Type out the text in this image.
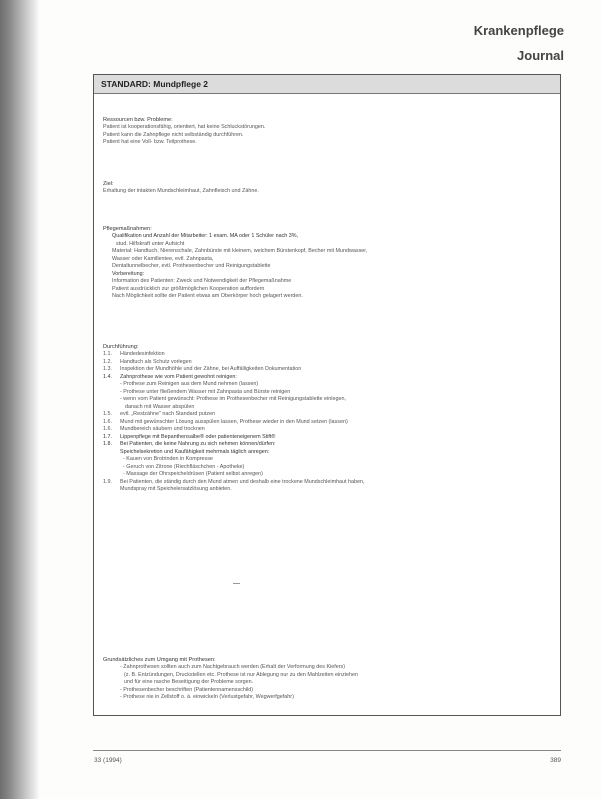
Krankenpflege
Journal
STANDARD: Mundpflege 2
Ressourcen bzw. Probleme:
Patient ist kooperationsfähig, orientiert, hat keine Schluckstörungen.
Patient kann die Zahnpflege nicht selbständig durchführen.
Patient hat eine Voll- bzw. Teilprothese.
Ziel:
Erhaltung der intakten Mundschleimhaut, Zahnfleisch und Zähne.
Pflegemaßnahmen:
Qualifikation und Anzahl der Mitarbeiter: 1 exam. MA oder 1 Schüler nach 3%,
stud. Hilfskraft unter Aufsicht
Material: Handtuch, Nierenschale, Zahnbürste mit kleinem, weichem Bürstenkopf, Becher mit Mundwasser,
Wasser oder Kamillentee, evtl. Zahnpasta,
Dentaltunnelbecher, evtl. Prothesenbecher und Reinigungstablette
Vorbereitung:
Information des Patienten: Zweck und Notwendigkeit der Pflegemaßnahme
Patient ausdrücklich zur größtmöglichen Kooperation auffordern
Nach Möglichkeit sollte der Patient etwas am Oberkörper hoch gelagert werden.
Durchführung:
1.1.	Händedesinfektion
1.2.	Handtuch als Schutz vorlegen
1.3.	Inspektion der Mundhöhle und der Zähne, bei Auffälligkeiten Dokumentation
1.4.	Zahnprothese wie vom Patient gewohnt reinigen:
- Prothese zum Reinigen aus dem Mund nehmen (lassen)
- Prothese unter fließendem Wasser mit Zahnpasta und Bürste reinigen
- wenn vom Patient gewünscht: Prothese im Prothesenbecher mit Reinigungstablette einlegen,
danach mit Wasser abspülen
1.5.	evtl. „Restzähne" nach Standard putzen
1.6.	Mund mit gewünschter Lösung ausspülen lassen, Prothese wieder in den Mund setzen (lassen)
1.6.	Mundbereich säubern und trocknen
1.7.	Lippenpflege mit Bepanthensalbe® oder patienteneigenem Stift®
1.8.	Bei Patienten, die keine Nahrung zu sich nehmen können/dürfen:
Speichelsekretion und Kaufähigkeit mehrmals täglich anregen:
- Kauen von Brotrinden in Kompresse
- Geruch von Zitrone (Riechfläschchen - Apotheke)
- Massage der Ohrspeicheldrüsen (Patient selbst anregen)
1.9.	Bei Patienten, die ständig durch den Mund atmen und deshalb eine trockene Mundschleimhaut haben,
Mundspray mit Speichelersatzlösung anbieten.
Grundsätzliches zum Umgang mit Prothesen:
- Zahnprothesen sollten auch zum Nachtgebrauch werden (Erhalt der Verformung des Kiefers)
(z. B. Entzündungen, Druckstellen etc. Prothese ist nur Ablegung nur zu den Mahlzeiten einziehen
und für eine rasche Beseitigung der Probleme sorgen.
- Prothesenbecher beschriften (Patientennamensschild)
- Prothese nie in Zellstoff o. ä. einwickeln (Verlustgefahr, Wegwerfgefahr)
—
33 (1994)	389
